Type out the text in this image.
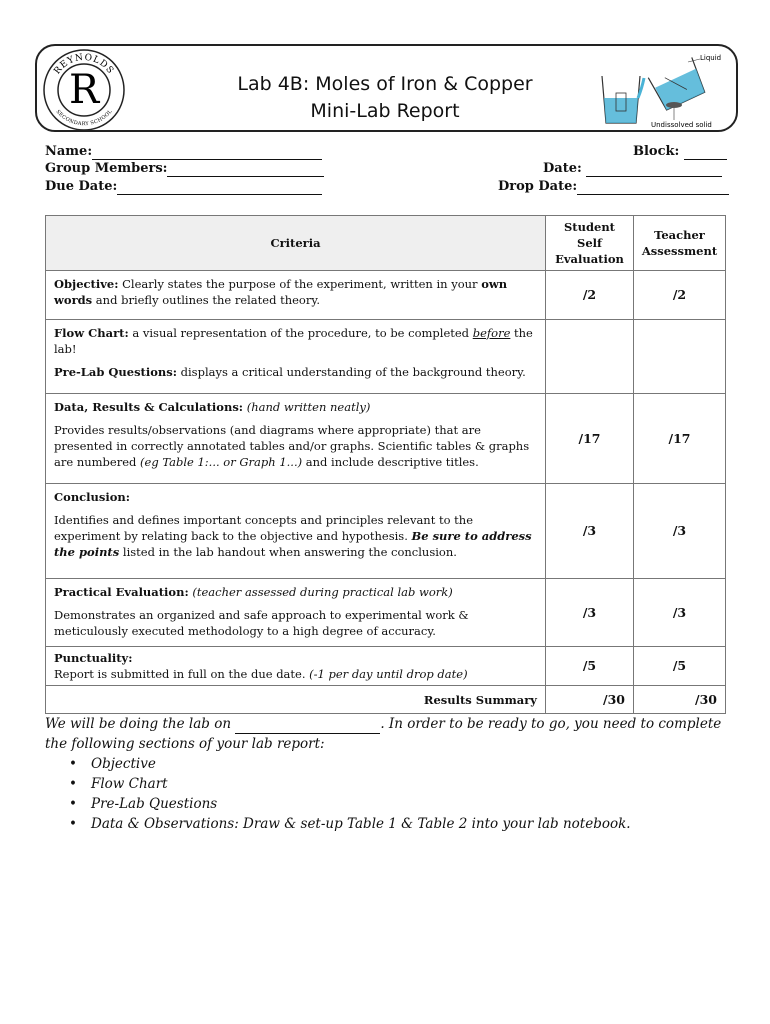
REYNOLDS
SECONDARY SCHOOL
R	Lab 4B: Moles of Iron & Copper
Mini-Lab Report
Liquid
Undissolved solid
Name:
Group Members:
Due Date:
Block:
Date:
Drop Date:
Criteria	Student Self Evaluation	Teacher Assessment
Objective: Clearly states the purpose of the experiment, written in your own words and briefly outlines the related theory.	/2	/2

Flow Chart: a visual representation of the procedure, to be completed before the lab!

Pre-Lab Questions: displays a critical understanding of the background theory.		

Data, Results & Calculations: (hand written neatly)

Provides results/observations (and diagrams where appropriate) that are presented in correctly annotated tables and/or graphs. Scientific tables & graphs are numbered (eg Table 1:... or Graph 1...) and include descriptive titles.	/17	/17

Conclusion:

Identifies and defines important concepts and principles relevant to the experiment by relating back to the objective and hypothesis. Be sure to address the points listed in the lab handout when answering the conclusion.	/3	/3

Practical Evaluation: (teacher assessed during practical lab work)

Demonstrates an organized and safe approach to experimental work & meticulously executed methodology to a high degree of accuracy.	/3	/3
Punctuality:
Report is submitted in full on the due date. (-1 per day until drop date)	/5	/5
Results Summary	/30	/30
We will be doing the lab on	. In order to be ready to go, you need to complete the following sections of your lab report:
• Objective
• Flow Chart
• Pre-Lab Questions
• Data & Observations: Draw & set-up Table 1 & Table 2 into your lab notebook.
